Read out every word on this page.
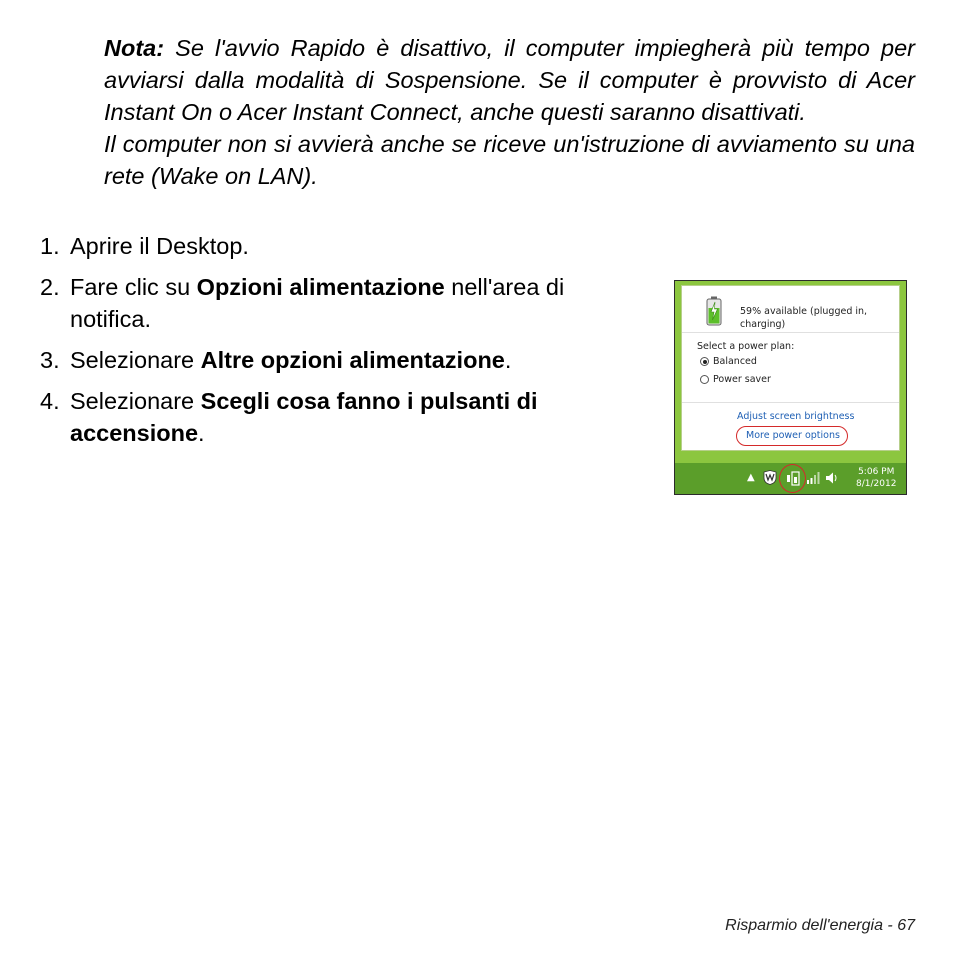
Nota: Se l'avvio Rapido è disattivo, il computer impiegherà più tempo per avviarsi dalla modalità di Sospensione. Se il computer è provvisto di Acer Instant On o Acer Instant Connect, anche questi saranno disattivati.

Il computer non si avvierà anche se riceve un'istruzione di avviamento su una rete (Wake on LAN).

1. Aprire il Desktop.
2. Fare clic su Opzioni alimentazione nell'area di notifica.
3. Selezionare Altre opzioni alimentazione.
4. Selezionare Scegli cosa fanno i pulsanti di accensione.
59% available (plugged in, charging)
Select a power plan:
Balanced
Power saver
Adjust screen brightness
More power options
▲	5:06 PM
8/1/2012
Risparmio dell'energia - 67
